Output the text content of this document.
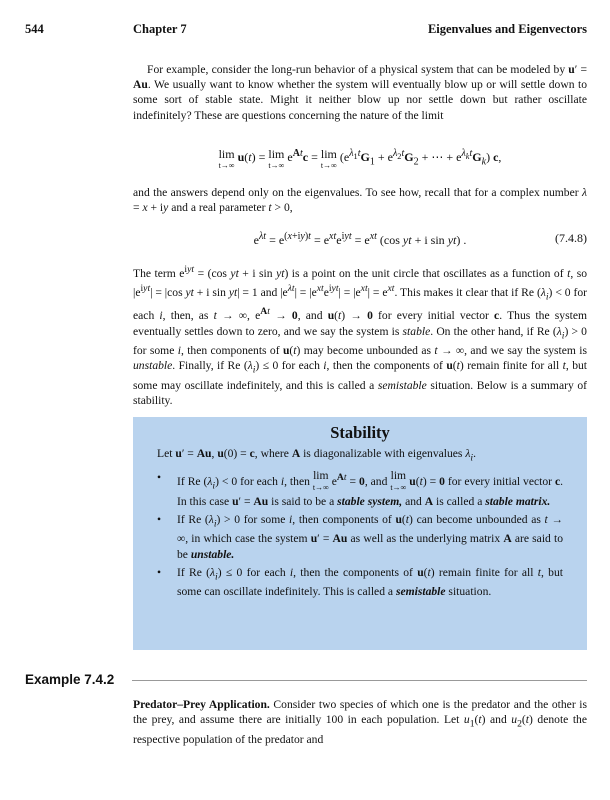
544	Chapter 7	Eigenvalues and Eigenvectors
For example, consider the long-run behavior of a physical system that can be modeled by u′ = Au. We usually want to know whether the system will eventually blow up or will settle down to some sort of stable state. Might it neither blow up nor settle down but rather oscillate indefinitely? These are questions concerning the nature of the limit
lim
t→∞
u(t) = lim
t→∞
$e^{At}c = \lim$
t→∞
($e^{\lambda_1t}G_1 + e^{\lambda_2t}G_2$ + ⋯ + $e^{\lambda_kt}G_k$) c,
and the answers depend only on the eigenvalues. To see how, recall that for a complex number λ = x + iy and a real parameter t > 0,
$e^{\lambda t} = e^{(x+iy)t} = e^{xt}e^{iyt} = e^{xt}$ (cos yt + i sin yt) .	(7.4.8)
The term $e^{iyt} = (\cos$ yt + i sin yt) is a point on the unit circle that oscillates as a function of t, so $|e^{iyt}| = |\cos$ yt + i sin yt| = 1 and $|e^{\lambda t}| = |e^{xt}e^{iyt}| = |e^{xt}| = e^{xt}$. This makes it clear that if Re $(\lambda_i) < 0$ for each i, then, as t → ∞, $e^{At} \to 0$, and u(t) → 0 for every initial vector c. Thus the system eventually settles down to zero, and we say the system is stable. On the other hand, if Re $(\lambda_i) > 0$ for some i, then components of u(t) may become unbounded as t → ∞, and we say the system is unstable. Finally, if Re $(\lambda_i) \le 0$ for each i, then the components of u(t) remain finite for all t, but some may oscillate indefinitely, and this is called a semistable situation. Below is a summary of stability.
Stability
Let u′ = Au, u(0) = c, where A is diagonalizable with eigenvalues $\lambda_i$.
• If Re $(\lambda_i) < 0$ for each i, then lim
t→∞ $e^{At} = 0$, and lim
t→∞ u(t) = 0 for every initial vector c. In this case u′ = Au is said to be a stable system, and A is called a stable matrix.
• If Re $(\lambda_i) > 0$ for some i, then components of u(t) can become unbounded as t → ∞, in which case the system u′ = Au as well as the underlying matrix A are said to be unstable.
• If Re $(\lambda_i) \le 0$ for each i, then the components of u(t) remain finite for all t, but some can oscillate indefinitely. This is called a semistable situation.
Example 7.4.2
Predator–Prey Application. Consider two species of which one is the predator and the other is the prey, and assume there are initially 100 in each population. Let $u_1(t)$ and $u_2(t)$ denote the respective population of the predator and
